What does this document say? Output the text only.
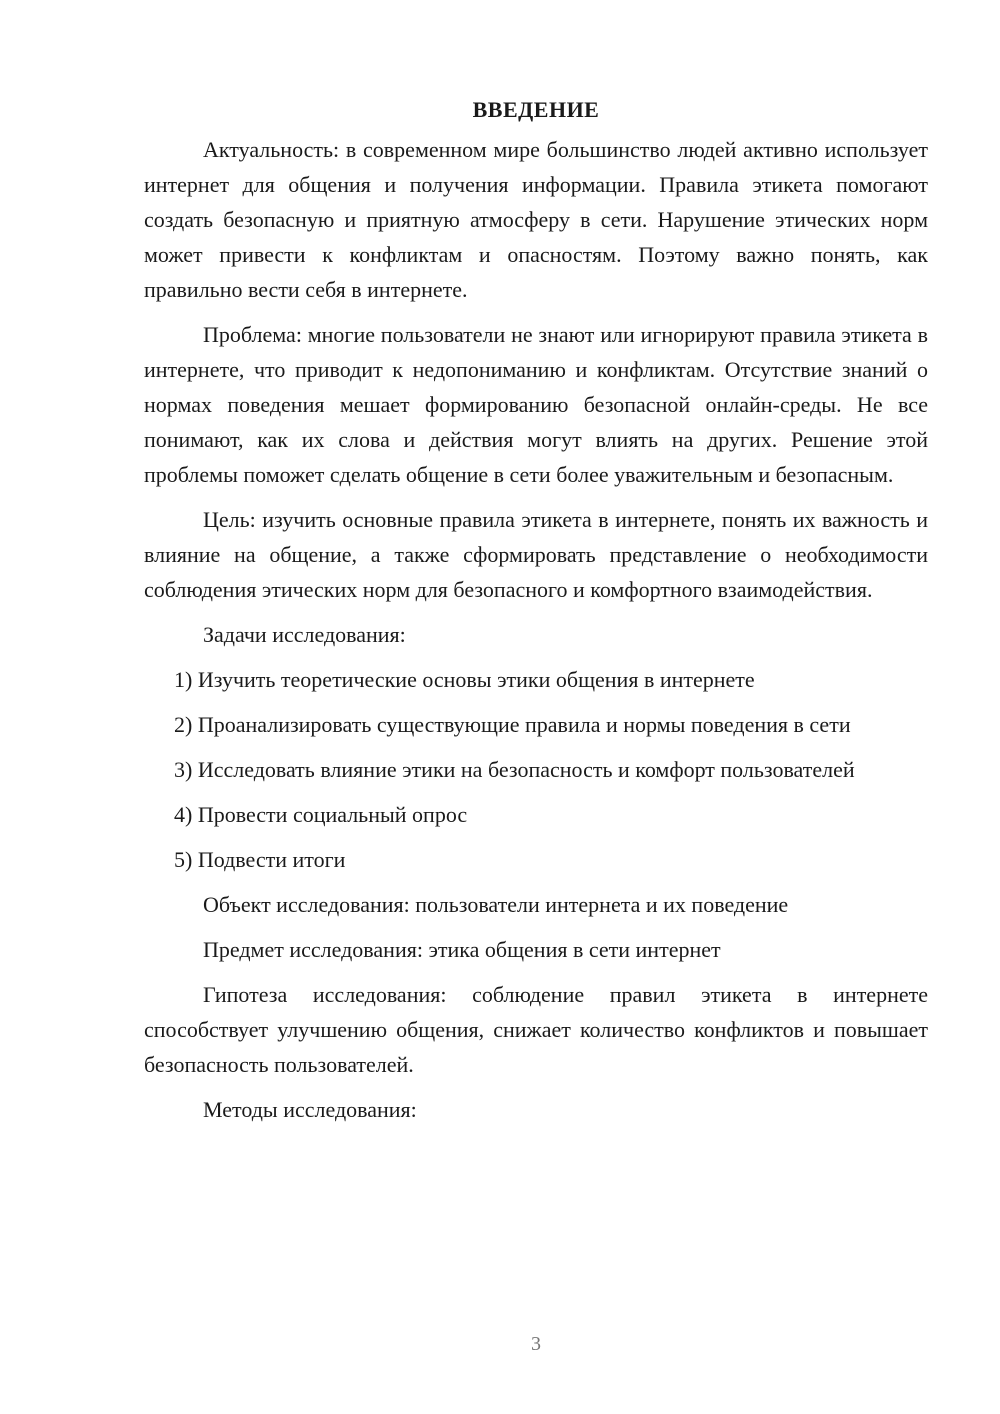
ВВЕДЕНИЕ

Актуальность: в современном мире большинство людей активно использует интернет для общения и получения информации. Правила этикета помогают создать безопасную и приятную атмосферу в сети. Нарушение этических норм может привести к конфликтам и опасностям. Поэтому важно понять, как правильно вести себя в интернете.

Проблема: многие пользователи не знают или игнорируют правила этикета в интернете, что приводит к недопониманию и конфликтам. Отсутствие знаний о нормах поведения мешает формированию безопасной онлайн-среды. Не все понимают, как их слова и действия могут влиять на других. Решение этой проблемы поможет сделать общение в сети более уважительным и безопасным.

Цель: изучить основные правила этикета в интернете, понять их важность и влияние на общение, а также сформировать представление о необходимости соблюдения этических норм для безопасного и комфортного взаимодействия.

Задачи исследования:

1) Изучить теоретические основы этики общения в интернете

2) Проанализировать существующие правила и нормы поведения в сети

3) Исследовать влияние этики на безопасность и комфорт пользователей

4) Провести социальный опрос

5) Подвести итоги

Объект исследования: пользователи интернета и их поведение

Предмет исследования: этика общения в сети интернет

Гипотеза исследования: соблюдение правил этикета в интернете способствует улучшению общения, снижает количество конфликтов и повышает безопасность пользователей.

Методы исследования:

3
